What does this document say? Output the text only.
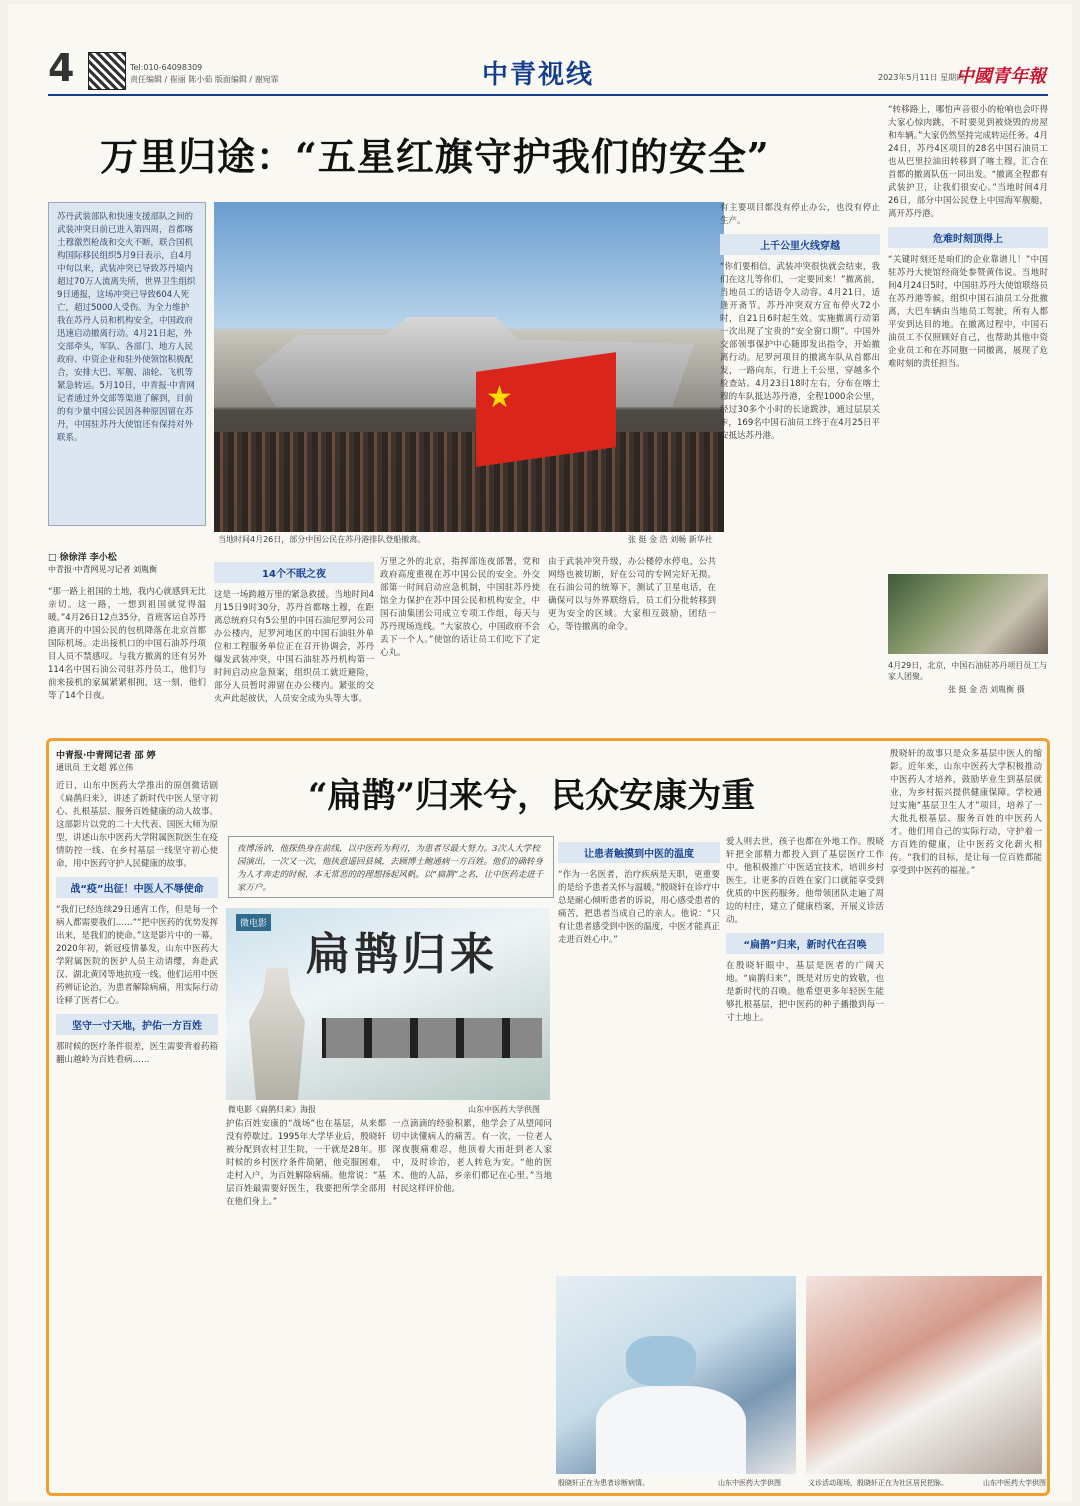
4	Tel:010-64098309
责任编辑 / 崔丽 陈小茹 版面编辑 / 谢宛霏	中青视线	2023年5月11日 星期四
中國青年報
万里归途：“五星红旗守护我们的安全”
苏丹武装部队和快速支援部队之间的武装冲突日前已进入第四周，首都喀土穆激烈枪战和交火不断，联合国机构国际移民组织5月9日表示，自4月中旬以来，武装冲突已导致苏丹境内超过70万人流离失所，世界卫生组织9日通报，这场冲突已导致604人死亡，超过5000人受伤。为全力维护我在苏丹人员和机构安全，中国政府迅速启动撤离行动。4月21日起，外交部牵头，军队、各部门、地方人民政府、中资企业和驻外使领馆积极配合，安排大巴、军舰、油轮、飞机等紧急转运。5月10日，中青报·中青网记者通过外交部等渠道了解到，目前的有少量中国公民因各种原因留在苏丹，中国驻苏丹大使馆还有保持对外联系。
★
当地时间4月26日，部分中国公民在苏丹港排队登船撤离。	张 挺 金 浩 刘畅 新华社
□ 徐徐洋 李小松
中青报·中青网见习记者 刘胤衡
“那一路上祖国的土地，我内心就感到无比亲切。这一路，一想到祖国就觉得温暖。”4月26日12点35分，首班客运自苏丹港离开的中国公民的包机降落在北京首都国际机场。走出接机口的中国石油苏丹项目人员不禁感叹。与我方撤离的还有另外114名中国石油公司驻苏丹员工，他们与前来接机的家属紧紧相拥，这一刻，他们等了14个日夜。
14个不眠之夜
这是一场跨越万里的紧急救援。当地时间4月15日9时30分，苏丹首都喀土穆，在距离总统府只有5公里的中国石油尼罗河公司办公楼内，尼罗河地区的中国石油驻外单位和工程服务单位正在召开协调会，苏丹爆发武装冲突，中国石油驻苏丹机构第一时间启动应急预案，组织员工就近避险，部分人员暂时滞留在办公楼内。紧张的交火声此起彼伏，人员安全成为头等大事。
万里之外的北京，指挥部连夜部署，党和政府高度重视在苏中国公民的安全。外交部第一时间启动应急机制，中国驻苏丹使馆全力保护在苏中国公民和机构安全，中国石油集团公司成立专项工作组，每天与苏丹现场连线。“大家放心，中国政府不会丢下一个人。”使馆的话让员工们吃下了定心丸。
由于武装冲突升级，办公楼停水停电，公共网络也被切断，好在公司的专网完好无损。在石油公司的统筹下，测试了卫星电话，在确保可以与外界联络后，员工们分批转移到更为安全的区域。大家相互鼓励，团结一心，等待撤离的命令。
有主要项目都没有停止办公，也没有停止生产。
上千公里火线穿越
“你们要相信，武装冲突很快就会结束，我们在这儿等你们，一定要回来！”撤离前，当地员工的话语令人动容。4月21日，适逢开斋节。苏丹冲突双方宣布停火72小时，自21日6时起生效。实施撤离行动第一次出现了宝贵的“安全窗口期”。中国外交部领事保护中心随即发出指令，开始撤离行动。尼罗河项目的撤离车队从首都出发，一路向东，行进上千公里，穿越多个检查站。4月23日18时左右，分布在喀土穆的车队抵达苏丹港，全程1000余公里，经过30多个小时的长途跋涉，通过层层关卡，169名中国石油员工终于在4月25日平安抵达苏丹港。
“转移路上，哪怕声音很小的枪响也会吓得大家心惊肉跳，不时要见到被烧毁的房屋和车辆。”大家仍然坚持完成转运任务。4月24日，苏丹4区项目的28名中国石油员工也从巴里拉油田转移到了喀土穆，汇合在首都的撤离队伍一同出发。“撤离全程都有武装护卫，让我们很安心。”当地时间4月26日，部分中国公民登上中国海军舰艇，离开苏丹港。
危难时刻顶得上
“关键时刻还是咱们的企业靠谱儿！”中国驻苏丹大使馆经商处参赞黄伟说。当地时间4月24日5时，中国驻苏丹大使馆联络员在苏丹港等候，组织中国石油员工分批撤离，大巴车辆由当地员工驾驶，所有人都平安到达目的地。在撤离过程中，中国石油员工不仅照顾好自己，也帮助其他中资企业员工和在苏同胞一同撤离，展现了危难时刻的责任担当。
4月29日，北京，中国石油驻苏丹项目员工与家人团聚。
张 挺 金 浩 刘胤衡 摄
中青报·中青网记者 邵 婷
通讯员 王文超 郭立伟
“扁鹊”归来兮，民众安康为重
夜博汤讷，他探热身在前线，以中医药为利刃，为患者尽最大努力。3次人大学校园演出，一次又一次，他执意遥回县城，去顾博士鲍通病一方百姓。他们的确转身为人才奔走的时候，本无常恶的的理想扬起风帆。以“扁鹊”之名，让中医药走进千家万户。
近日，山东中医药大学推出的原创微话剧《扁鹊归来》，讲述了新时代中医人坚守初心、扎根基层、服务百姓健康的动人故事。这部影片以党的二十大代表、国医大师为原型，讲述山东中医药大学附属医院医生在疫情防控一线、在乡村基层一线坚守初心使命，用中医药守护人民健康的故事。
战“疫”出征！中医人不辱使命
“我们已经连续29日通宵工作，但是每一个病人都需要我们……”“把中医药的优势发挥出来，是我们的使命。”这是影片中的一幕。2020年初，新冠疫情暴发，山东中医药大学附属医院的医护人员主动请缨，奔赴武汉、湖北黄冈等地抗疫一线。他们运用中医药辨证论治，为患者解除病痛，用实际行动诠释了医者仁心。
坚守一寸天地，护佑一方百姓
那时候的医疗条件很差，医生需要背着药箱翻山越岭为百姓看病……
微电影
扁鹊归来
微电影《扁鹊归来》海报	山东中医药大学供图
护佑百姓安康的“战场”也在基层，从来都没有停歇过。1995年大学毕业后，殷晓轩被分配到农村卫生院，一干就是28年。那时候的乡村医疗条件简陋，他克服困难，走村入户，为百姓解除病痛。他常说：“基层百姓最需要好医生，我要把所学全部用在他们身上。”
一点滴滴的经验积累，他学会了从望闻问切中读懂病人的痛苦。有一次，一位老人深夜腹痛难忍，他顶着大雨赶到老人家中，及时诊治，老人转危为安。“他的医术、他的人品，乡亲们都记在心里。”当地村民这样评价他。
让患者触摸到中医的温度
“作为一名医者，治疗疾病是天职，更重要的是给予患者关怀与温暖。”殷晓轩在诊疗中总是耐心倾听患者的诉说，用心感受患者的痛苦，把患者当成自己的亲人。他说：“只有让患者感受到中医的温度，中医才能真正走进百姓心中。”
爱人则去世，孩子也都在外地工作。殷晓轩把全部精力都投入到了基层医疗工作中。他积极推广中医适宜技术，培训乡村医生，让更多的百姓在家门口就能享受到优质的中医药服务。他带领团队走遍了周边的村庄，建立了健康档案，开展义诊活动。
“扁鹊”归来，新时代在召唤
在殷晓轩眼中，基层是医者的广阔天地。“扁鹊归来”，既是对历史的致敬，也是新时代的召唤。他希望更多年轻医生能够扎根基层，把中医药的种子播撒到每一寸土地上。
殷晓轩的故事只是众多基层中医人的缩影。近年来，山东中医药大学积极推动中医药人才培养，鼓励毕业生到基层就业，为乡村振兴提供健康保障。学校通过实施“基层卫生人才”项目，培养了一大批扎根基层、服务百姓的中医药人才。他们用自己的实际行动，守护着一方百姓的健康，让中医药文化薪火相传。“我们的目标，是让每一位百姓都能享受到中医药的福祉。”
殷晓轩正在为患者诊断病情。	山东中医药大学供图	义诊活动现场，殷晓轩正在为社区居民把脉。	山东中医药大学供图
